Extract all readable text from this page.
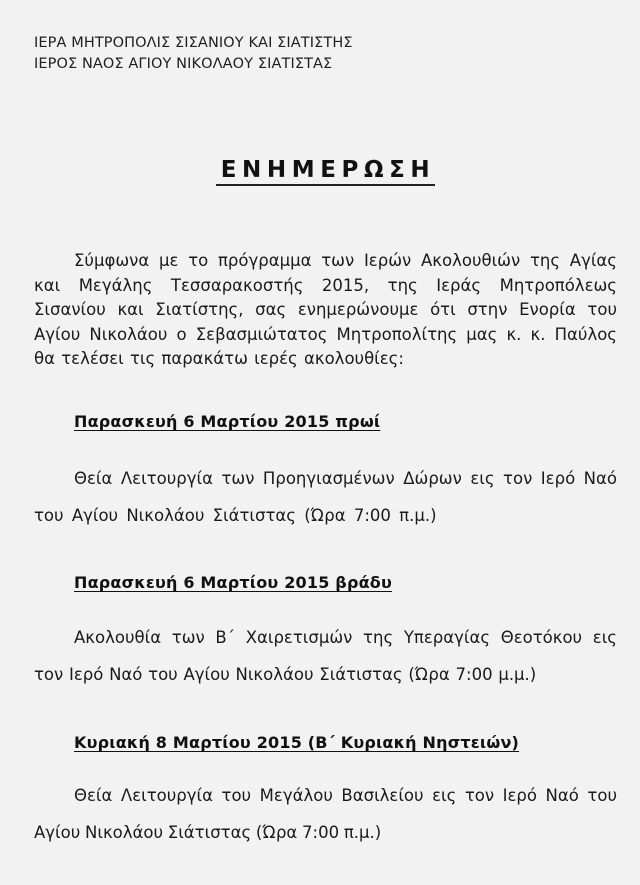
ΙΕΡΑ ΜΗΤΡΟΠΟΛΙΣ ΣΙΣΑΝΙΟΥ ΚΑΙ ΣΙΑΤΙΣΤΗΣ
ΙΕΡΟΣ ΝΑΟΣ ΑΓΙΟΥ ΝΙΚΟΛΑΟΥ ΣΙΑΤΙΣΤΑΣ
ΕΝΗΜΕΡΩΣΗ
Σύμφωνα με το πρόγραμμα των Ιερών Ακολουθιών της Αγίας και Μεγάλης Τεσσαρακοστής 2015, της Ιεράς Μητροπόλεως Σισανίου και Σιατίστης, σας ενημερώνουμε ότι στην Ενορία του Αγίου Νικολάου ο Σεβασμιώτατος Μητροπολίτης μας κ. κ. Παύλος θα τελέσει τις παρακάτω ιερές ακολουθίες:
Παρασκευή 6 Μαρτίου 2015 πρωί
Θεία Λειτουργία των Προηγιασμένων Δώρων εις τον Ιερό Ναό του Αγίου Νικολάου Σιάτιστας (Ώρα 7:00 π.μ.)
Παρασκευή 6 Μαρτίου 2015 βράδυ
Ακολουθία των Β΄ Χαιρετισμών της Υπεραγίας Θεοτόκου εις τον Ιερό Ναό του Αγίου Νικολάου Σιάτιστας (Ώρα 7:00 μ.μ.)
Κυριακή 8 Μαρτίου 2015 (Β΄ Κυριακή Νηστειών)
Θεία Λειτουργία του Μεγάλου Βασιλείου εις τον Ιερό Ναό του Αγίου Νικολάου Σιάτιστας (Ώρα 7:00 π.μ.)
